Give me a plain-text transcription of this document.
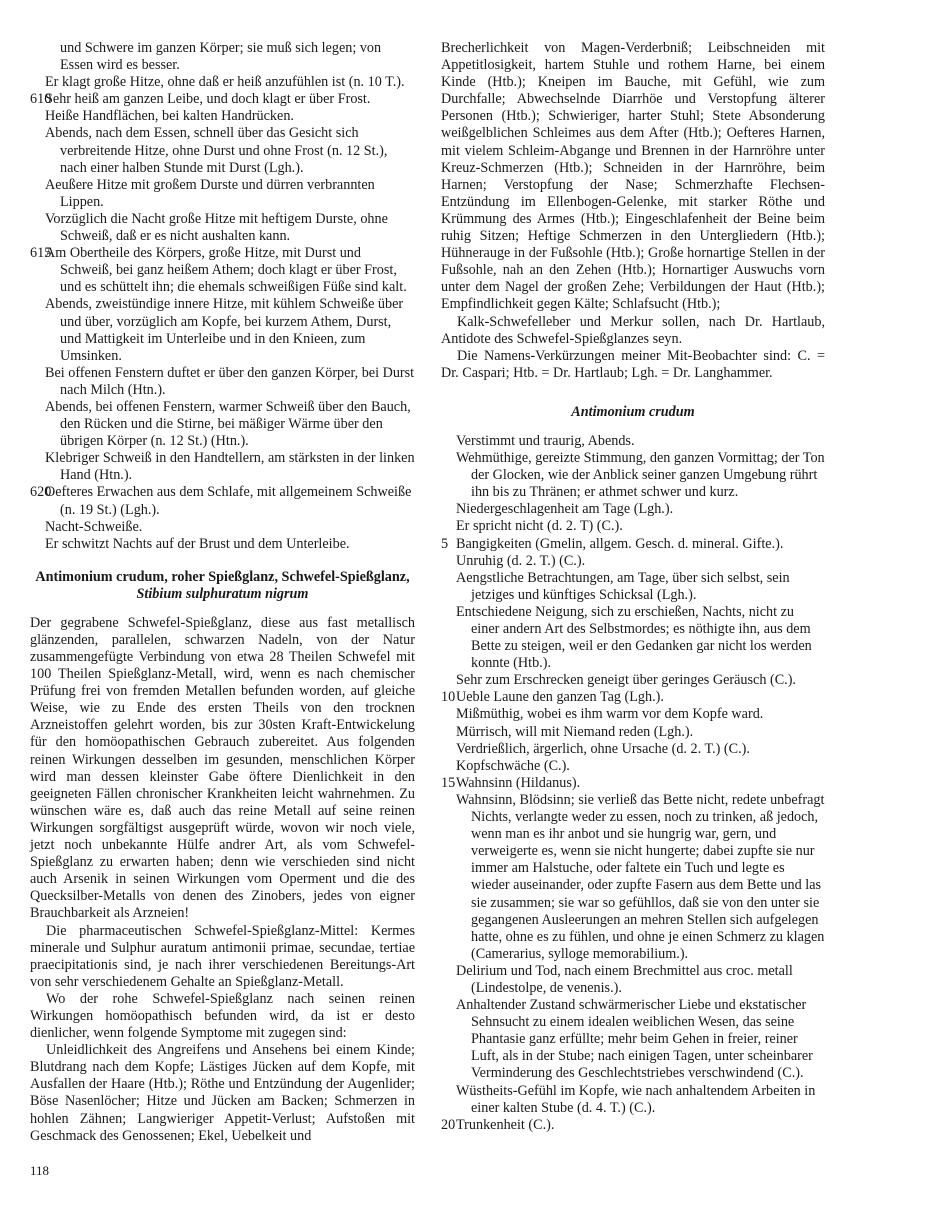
und Schwere im ganzen Körper; sie muß sich legen; von Essen wird es besser.
Er klagt große Hitze, ohne daß er heiß anzufühlen ist (n. 10 T.).
610
Sehr heiß am ganzen Leibe, und doch klagt er über Frost.
Heiße Handflächen, bei kalten Handrücken.
Abends, nach dem Essen, schnell über das Gesicht sich verbreitende Hitze, ohne Durst und ohne Frost (n. 12 St.), nach einer halben Stunde mit Durst (Lgh.).
Aeußere Hitze mit großem Durste und dürren verbrannten Lippen.
Vorzüglich die Nacht große Hitze mit heftigem Durste, ohne Schweiß, daß er es nicht aushalten kann.
615
Am Obertheile des Körpers, große Hitze, mit Durst und Schweiß, bei ganz heißem Athem; doch klagt er über Frost, und es schüttelt ihn; die ehemals schweißigen Füße sind kalt.
Abends, zweistündige innere Hitze, mit kühlem Schweiße über und über, vorzüglich am Kopfe, bei kurzem Athem, Durst, und Mattigkeit im Unterleibe und in den Knieen, zum Umsinken.
Bei offenen Fenstern duftet er über den ganzen Körper, bei Durst nach Milch (Htn.).
Abends, bei offenen Fenstern, warmer Schweiß über den Bauch, den Rücken und die Stirne, bei mäßiger Wärme über den übrigen Körper (n. 12 St.) (Htn.).
Klebriger Schweiß in den Handtellern, am stärksten in der linken Hand (Htn.).
620
Oefteres Erwachen aus dem Schlafe, mit allgemeinem Schweiße (n. 19 St.) (Lgh.).
Nacht-Schweiße.
Er schwitzt Nachts auf der Brust und dem Unterleibe.
Antimonium crudum, roher Spießglanz, Schwefel-Spießglanz,
Stibium sulphuratum nigrum
Der gegrabene Schwefel-Spießglanz, diese aus fast metallisch glänzenden, parallelen, schwarzen Nadeln, von der Natur zusammengefügte Verbindung von etwa 28 Theilen Schwefel mit 100 Theilen Spießglanz-Metall, wird, wenn es nach chemischer Prüfung frei von fremden Metallen befunden worden, auf gleiche Weise, wie zu Ende des ersten Theils von den trocknen Arzneistoffen gelehrt worden, bis zur 30sten Kraft-Entwickelung für den homöopathischen Gebrauch zubereitet. Aus folgenden reinen Wirkungen desselben im gesunden, menschlichen Körper wird man dessen kleinster Gabe öftere Dienlichkeit in den geeigneten Fällen chronischer Krankheiten leicht wahrnehmen. Zu wünschen wäre es, daß auch das reine Metall auf seine reinen Wirkungen sorgfältigst ausgeprüft würde, wovon wir noch viele, jetzt noch unbekannte Hülfe andrer Art, als vom Schwefel-Spießglanz zu erwarten haben; denn wie verschieden sind nicht auch Arsenik in seinen Wirkungen vom Operment und die des Quecksilber-Metalls von denen des Zinobers, jedes von eigner Brauchbarkeit als Arzneien!
Die pharmaceutischen Schwefel-Spießglanz-Mittel: Kermes minerale und Sulphur auratum antimonii primae, secundae, tertiae praecipitationis sind, je nach ihrer verschiedenen Bereitungs-Art von sehr verschiedenem Gehalte an Spießglanz-Metall.
Wo der rohe Schwefel-Spießglanz nach seinen reinen Wirkungen homöopathisch befunden wird, da ist er desto dienlicher, wenn folgende Symptome mit zugegen sind:
Unleidlichkeit des Angreifens und Ansehens bei einem Kinde; Blutdrang nach dem Kopfe; Lästiges Jücken auf dem Kopfe, mit Ausfallen der Haare (Htb.); Röthe und Entzündung der Augenlider; Böse Nasenlöcher; Hitze und Jücken am Backen; Schmerzen in hohlen Zähnen; Langwieriger Appetit-Verlust; Aufstoßen mit Geschmack des Genossenen; Ekel, Uebelkeit und
Brecherlichkeit von Magen-Verderbniß; Leibschneiden mit Appetitlosigkeit, hartem Stuhle und rothem Harne, bei einem Kinde (Htb.); Kneipen im Bauche, mit Gefühl, wie zum Durchfalle; Abwechselnde Diarrhöe und Verstopfung älterer Personen (Htb.); Schwieriger, harter Stuhl; Stete Absonderung weißgelblichen Schleimes aus dem After (Htb.); Oefteres Harnen, mit vielem Schleim-Abgange und Brennen in der Harnröhre unter Kreuz-Schmerzen (Htb.); Schneiden in der Harnröhre, beim Harnen; Verstopfung der Nase; Schmerzhafte Flechsen-Entzündung im Ellenbogen-Gelenke, mit starker Röthe und Krümmung des Armes (Htb.); Eingeschlafenheit der Beine beim ruhig Sitzen; Heftige Schmerzen in den Untergliedern (Htb.); Hühnerauge in der Fußsohle (Htb.); Große hornartige Stellen in der Fußsohle, nah an den Zehen (Htb.); Hornartiger Auswuchs vorn unter dem Nagel der großen Zehe; Verbildungen der Haut (Htb.); Empfindlichkeit gegen Kälte; Schlafsucht (Htb.);
Kalk-Schwefelleber und Merkur sollen, nach Dr. Hartlaub, Antidote des Schwefel-Spießglanzes seyn.
Die Namens-Verkürzungen meiner Mit-Beobachter sind: C. = Dr. Caspari; Htb. = Dr. Hartlaub; Lgh. = Dr. Langhammer.
Antimonium crudum
Verstimmt und traurig, Abends.
Wehmüthige, gereizte Stimmung, den ganzen Vormittag; der Ton der Glocken, wie der Anblick seiner ganzen Umgebung rührt ihn bis zu Thränen; er athmet schwer und kurz.
Niedergeschlagenheit am Tage (Lgh.).
Er spricht nicht (d. 2. T) (C.).
5 Bangigkeiten (Gmelin, allgem. Gesch. d. mineral. Gifte.).
Unruhig (d. 2. T.) (C.).
Aengstliche Betrachtungen, am Tage, über sich selbst, sein jetziges und künftiges Schicksal (Lgh.).
Entschiedene Neigung, sich zu erschießen, Nachts, nicht zu einer andern Art des Selbstmordes; es nöthigte ihn, aus dem Bette zu steigen, weil er den Gedanken gar nicht los werden konnte (Htb.).
Sehr zum Erschrecken geneigt über geringes Geräusch (C.).
10 Ueble Laune den ganzen Tag (Lgh.).
Mißmüthig, wobei es ihm warm vor dem Kopfe ward.
Mürrisch, will mit Niemand reden (Lgh.).
Verdrießlich, ärgerlich, ohne Ursache (d. 2. T.) (C.).
Kopfschwäche (C.).
15 Wahnsinn (Hildanus).
Wahnsinn, Blödsinn; sie verließ das Bette nicht, redete unbefragt Nichts, verlangte weder zu essen, noch zu trinken, aß jedoch, wenn man es ihr anbot und sie hungrig war, gern, und verweigerte es, wenn sie nicht hungerte; dabei zupfte sie nur immer am Halstuche, oder faltete ein Tuch und legte es wieder auseinander, oder zupfte Fasern aus dem Bette und las sie zusammen; sie war so gefühllos, daß sie von den unter sie gegangenen Ausleerungen an mehren Stellen sich aufgelegen hatte, ohne es zu fühlen, und ohne je einen Schmerz zu klagen (Camerarius, sylloge memorabilium.).
Delirium und Tod, nach einem Brechmittel aus croc. metall (Lindestolpe, de venenis.).
Anhaltender Zustand schwärmerischer Liebe und ekstatischer Sehnsucht zu einem idealen weiblichen Wesen, das seine Phantasie ganz erfüllte; mehr beim Gehen in freier, reiner Luft, als in der Stube; nach einigen Tagen, unter scheinbarer Verminderung des Geschlechtstriebes verschwindend (C.).
Wüstheits-Gefühl im Kopfe, wie nach anhaltendem Arbeiten in einer kalten Stube (d. 4. T.) (C.).
20 Trunkenheit (C.).
118
